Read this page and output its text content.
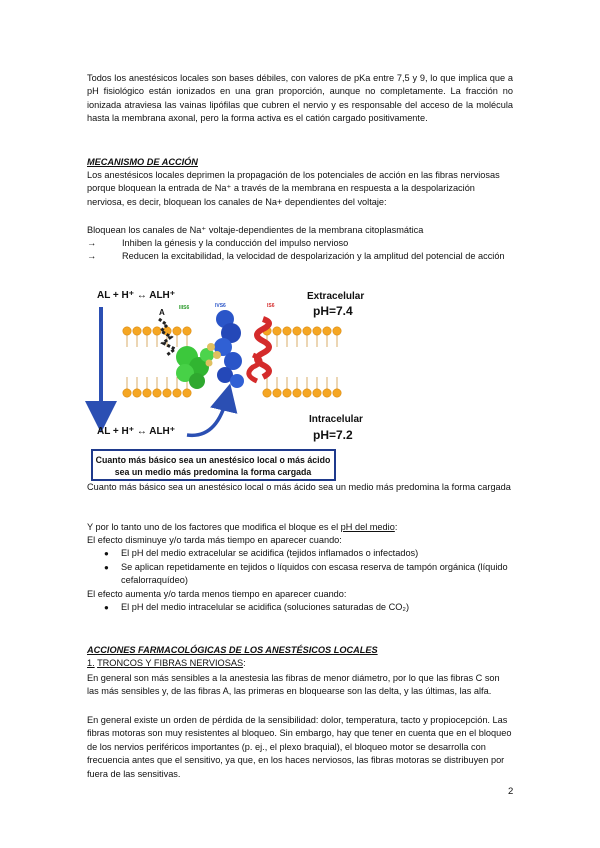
Todos los anestésicos locales son bases débiles, con valores de pKa entre 7,5 y 9, lo que implica que a pH fisiológico están ionizados en una gran proporción, aunque no completamente. La fracción no ionizada atraviesa las vainas lipófilas que cubren el nervio y es responsable del acceso de la molécula hasta la membrana axonal, pero la forma activa es el catión cargado positivamente.

MECANISMO DE ACCIÓN

Los anestésicos locales deprimen la propagación de los potenciales de acción en las fibras nerviosas porque bloquean la entrada de Na⁺ a través de la membrana en respuesta a la despolarización nerviosa, es decir, bloquean los canales de Na+ dependientes del voltaje:

Bloquean los canales de Na⁺ voltaje-dependientes de la membrana citoplasmática
→	Inhiben la génesis y la conducción del impulso nervioso
→	Reducen la excitabilidad, la velocidad de despolarización y la amplitud del potencial de acción
AL + H⁺ ↔ ALH⁺
A	IIIS6	IVS6	IS6
Extracelular
pH=7.4
Intracelular
pH=7.2
AL + H⁺ ↔ ALH⁺
Cuanto más básico sea un anestésico local o más ácido
sea un medio más predomina la forma cargada

Cuanto más básico sea un anestésico local o más ácido sea un medio más predomina la forma cargada

Y por lo tanto uno de los factores que modifica el bloque es el pH del medio:
El efecto disminuye y/o tarda más tiempo en aparecer cuando:
● El pH del medio extracelular se acidifica (tejidos inflamados o infectados)
● Se aplican repetidamente en tejidos o líquidos con escasa reserva de tampón orgánica (líquido cefalorraquídeo)
El efecto aumenta y/o tarda menos tiempo en aparecer cuando:
● El pH del medio intracelular se acidifica (soluciones saturadas de CO₂)
ACCIONES FARMACOLÓGICAS DE LOS ANESTÉSICOS LOCALES
1. TRONCOS Y FIBRAS NERVIOSAS:

En general son más sensibles a la anestesia las fibras de menor diámetro, por lo que las fibras C son las más sensibles y, de las fibras A, las primeras en bloquearse son las delta, y las últimas, las alfa.

En general existe un orden de pérdida de la sensibilidad: dolor, temperatura, tacto y propiocepción. Las fibras motoras son muy resistentes al bloqueo. Sin embargo, hay que tener en cuenta que en el bloqueo de los nervios periféricos importantes (p. ej., el plexo braquial), el bloqueo motor se desarrolla con frecuencia antes que el sensitivo, ya que, en los haces nerviosos, las fibras motoras se distribuyen por fuera de las sensitivas.

2
